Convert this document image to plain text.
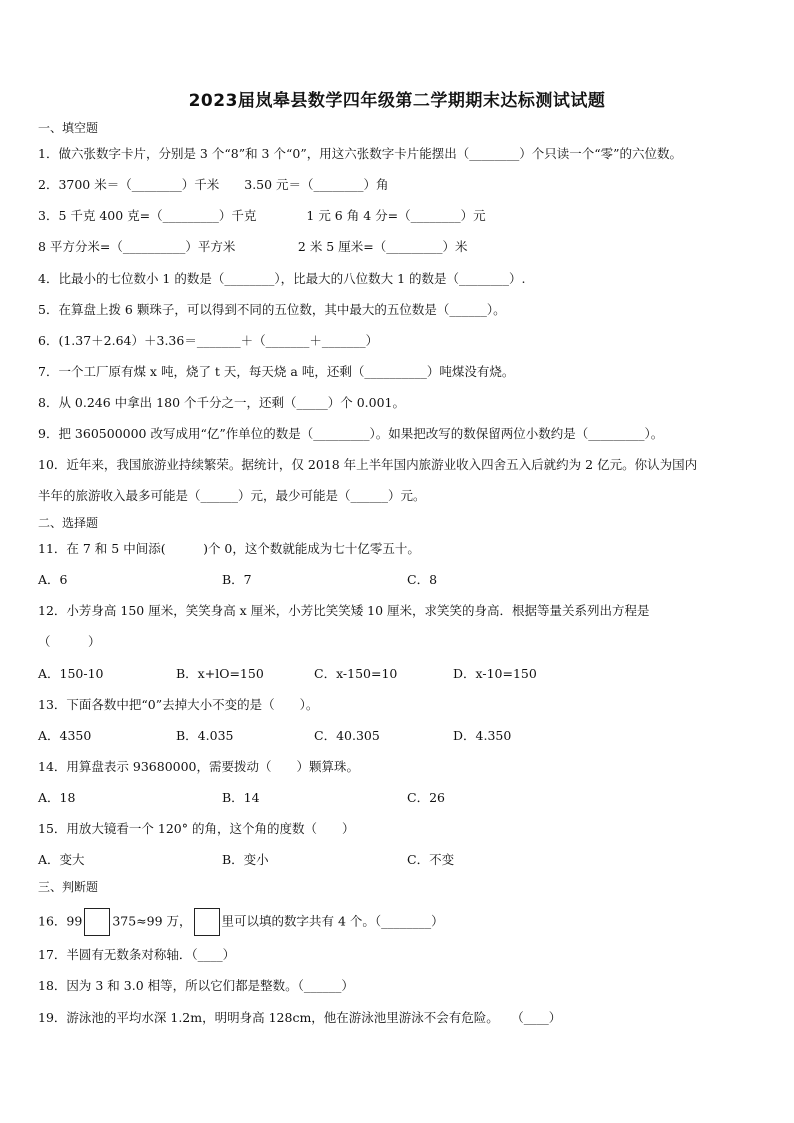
2023届岚皋县数学四年级第二学期期末达标测试试题
一、填空题
1．做六张数字卡片，分别是 3 个“8”和 3 个“0”，用这六张数字卡片能摆出（________）个只读一个“零”的六位数。
2．3700 米＝（________）千米　　3.50 元＝（________）角
3．5 千克 400 克=（_________）千克　　　　1 元 6 角 4 分=（________）元
8 平方分米=（__________）平方米　　　　　2 米 5 厘米=（_________）米
4．比最小的七位数小 1 的数是（________），比最大的八位数大 1 的数是（________）.
5．在算盘上拨 6 颗珠子，可以得到不同的五位数，其中最大的五位数是（______）。
6．(1.37＋2.64）＋3.36＝_______＋（_______＋_______）
7．一个工厂原有煤 x 吨，烧了 t 天，每天烧 a 吨，还剩（__________）吨煤没有烧。
8．从 0.246 中拿出 180 个千分之一，还剩（_____）个 0.001。
9．把 360500000 改写成用“亿”作单位的数是（_________）。如果把改写的数保留两位小数约是（_________）。
10．近年来，我国旅游业持续繁荣。据统计，仅 2018 年上半年国内旅游业收入四舍五入后就约为 2 亿元。你认为国内
半年的旅游收入最多可能是（______）元，最少可能是（______）元。
二、选择题
11．在 7 和 5 中间添(　　　)个 0，这个数就能成为七十亿零五十。
A．6	B．7	C．8
12．小芳身高 150 厘米，笑笑身高 x 厘米，小芳比笑笑矮 10 厘米，求笑笑的身高．根据等量关系列出方程是
（　　　）
A．150-10	B．x+lO=150	C．x-150=10	D．x-10=150
13．下面各数中把“0”去掉大小不变的是（　　）。
A．4350	B．4.035	C．40.305	D．4.350
14．用算盘表示 93680000，需要拨动（　　）颗算珠。
A．18	B．14	C．26
15．用放大镜看一个 120° 的角，这个角的度数（　　）
A．变大	B．变小	C．不变
三、判断题
16．99 375≈99 万， 里可以填的数字共有 4 个。（________）
17．半圆有无数条对称轴．（____）
18．因为 3 和 3.0 相等，所以它们都是整数。（______）
19．游泳池的平均水深 1.2m，明明身高 128cm，他在游泳池里游泳不会有危险。　　（____）
